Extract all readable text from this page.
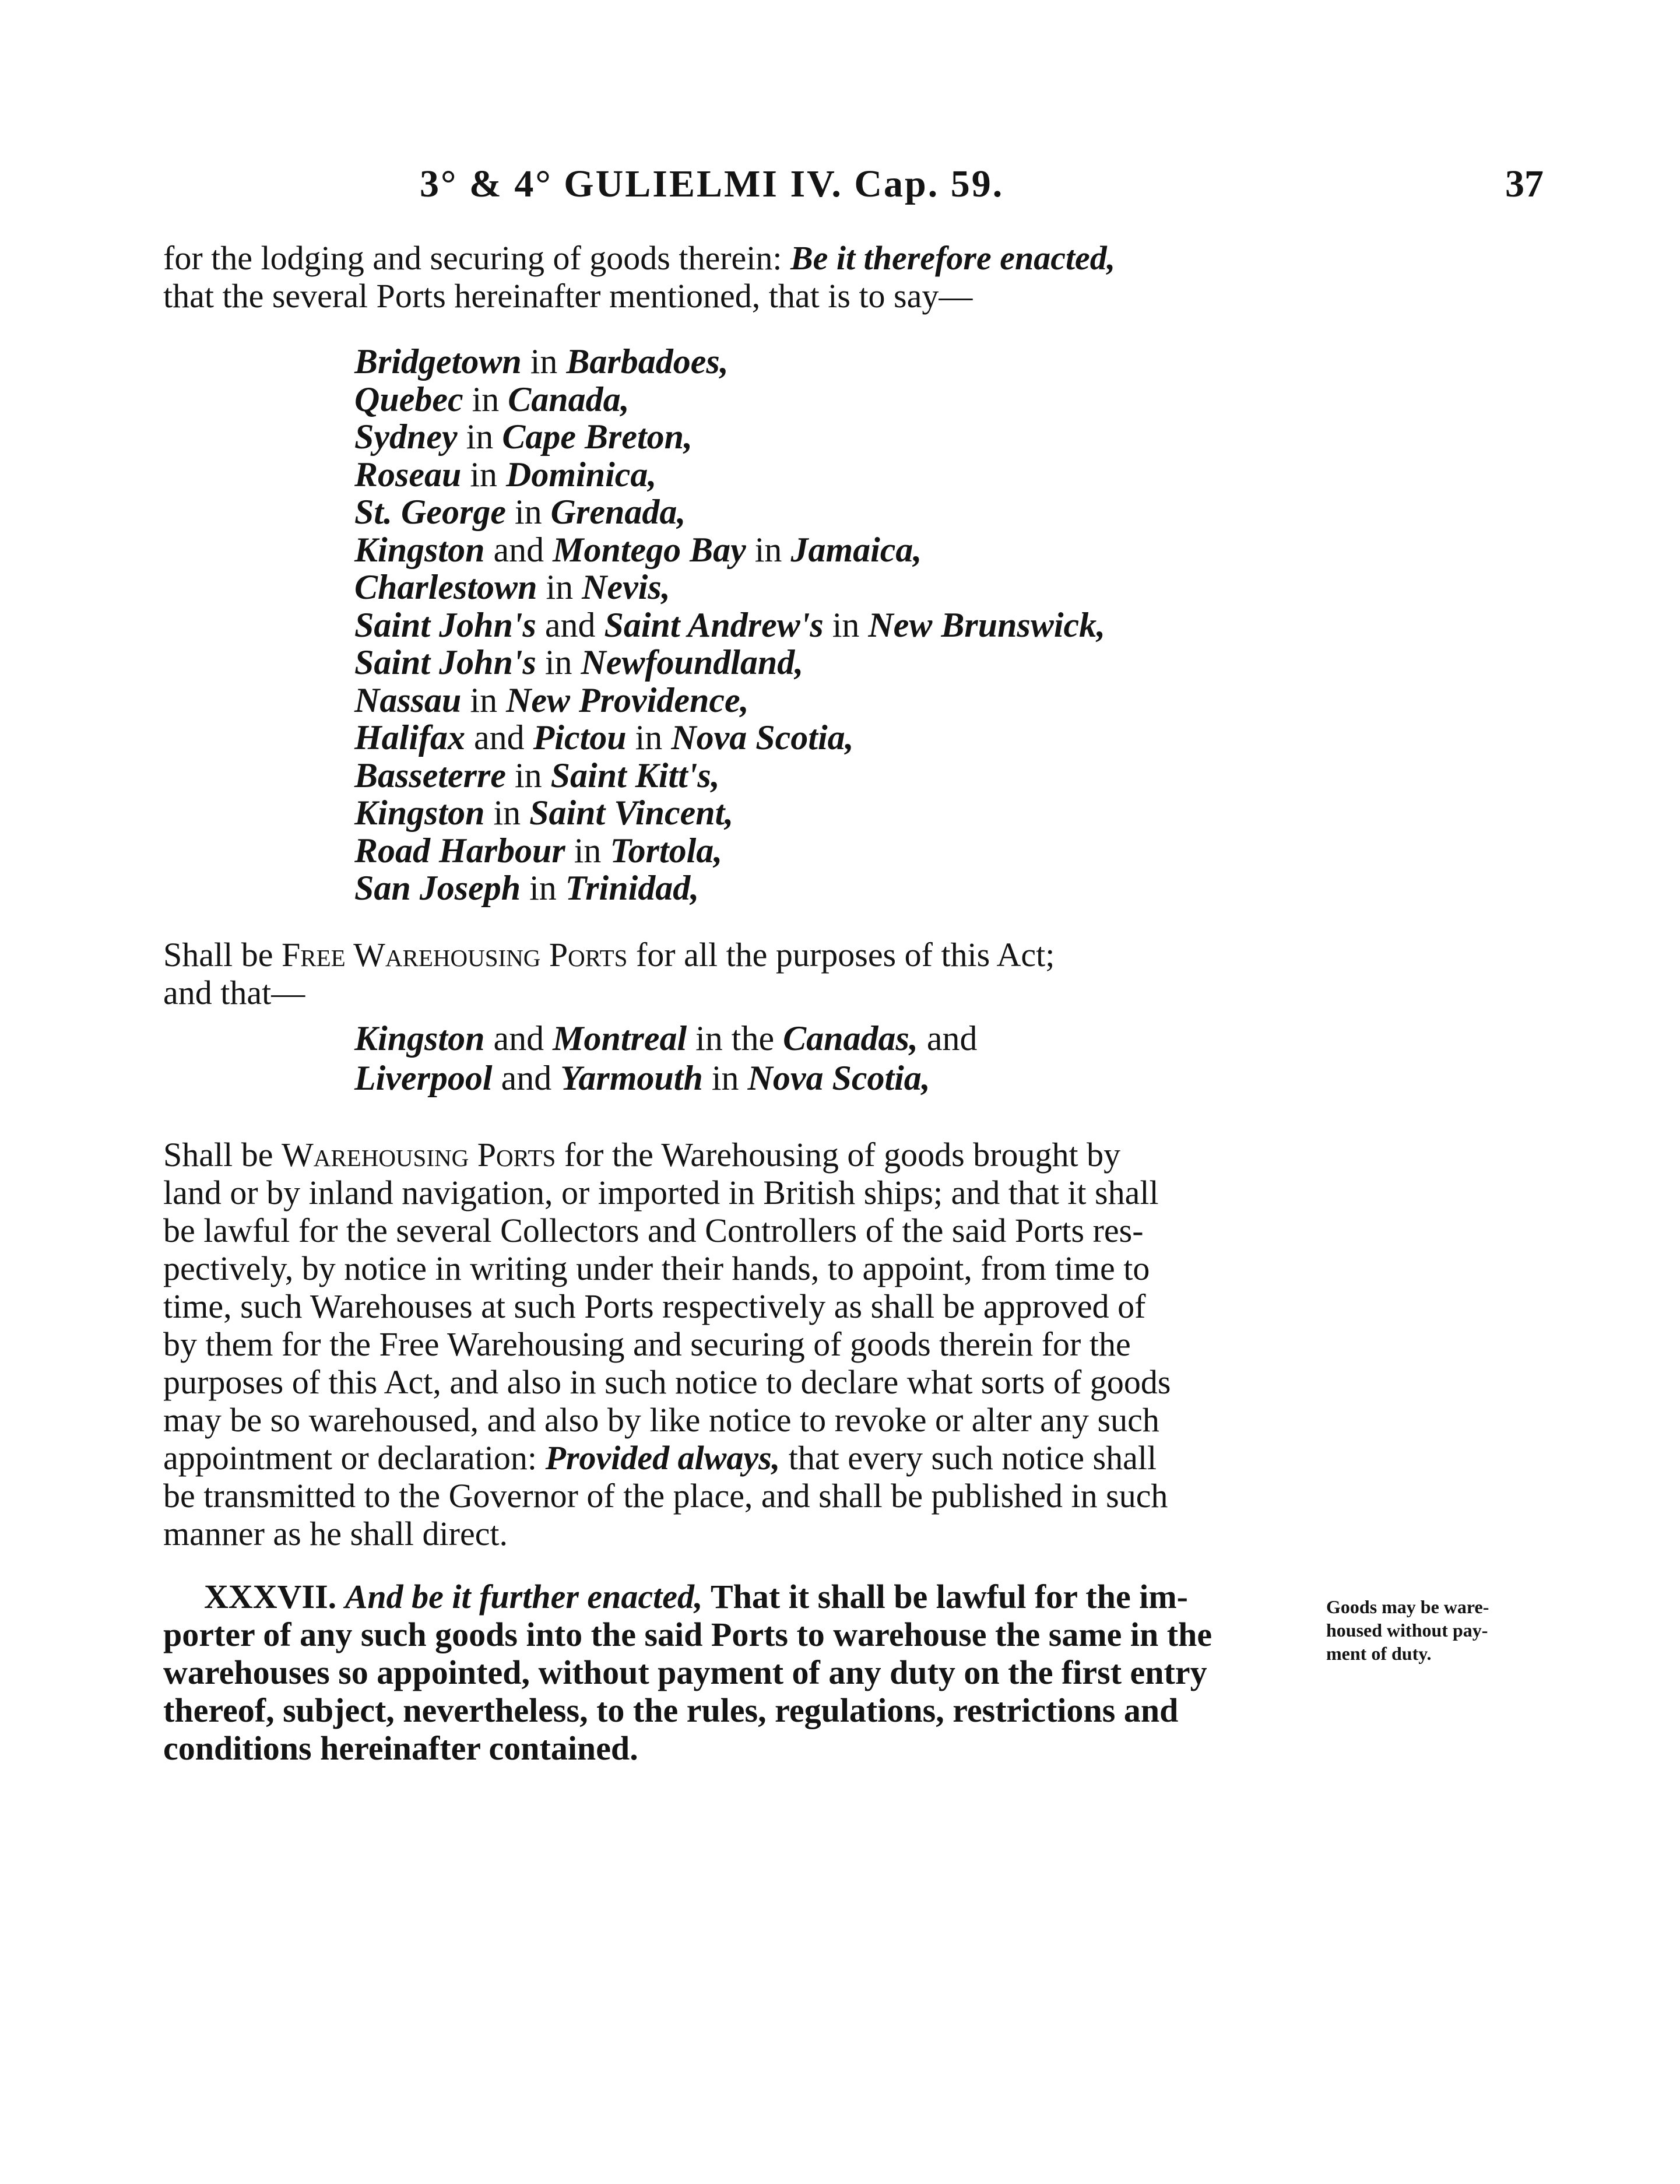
3° & 4° GULIELMI IV. Cap. 59.	37

for the lodging and securing of goods therein: Be it therefore enacted,

that the several Ports hereinafter mentioned, that is to say—

Bridgetown in Barbadoes,
Quebec in Canada,
Sydney in Cape Breton,
Roseau in Dominica,
St. George in Grenada,
Kingston and Montego Bay in Jamaica,
Charlestown in Nevis,
Saint John's and Saint Andrew's in New Brunswick,
Saint John's in Newfoundland,
Nassau in New Providence,
Halifax and Pictou in Nova Scotia,
Basseterre in Saint Kitt's,
Kingston in Saint Vincent,
Road Harbour in Tortola,
San Joseph in Trinidad,

Shall be Free Warehousing Ports for all the purposes of this Act;

and that—

Kingston and Montreal in the Canadas, and
Liverpool and Yarmouth in Nova Scotia,

Shall be Warehousing Ports for the Warehousing of goods brought by

land or by inland navigation, or imported in British ships; and that it shall

be lawful for the several Collectors and Controllers of the said Ports res-

pectively, by notice in writing under their hands, to appoint, from time to

time, such Warehouses at such Ports respectively as shall be approved of

by them for the Free Warehousing and securing of goods therein for the

purposes of this Act, and also in such notice to declare what sorts of goods

may be so warehoused, and also by like notice to revoke or alter any such

appointment or declaration: Provided always, that every such notice shall

be transmitted to the Governor of the place, and shall be published in such

manner as he shall direct.

XXXVII. And be it further enacted, That it shall be lawful for the im-

porter of any such goods into the said Ports to warehouse the same in the

warehouses so appointed, without payment of any duty on the first entry

thereof, subject, nevertheless, to the rules, regulations, restrictions and

conditions hereinafter contained.

Goods may be ware-
housed without pay-
ment of duty.
